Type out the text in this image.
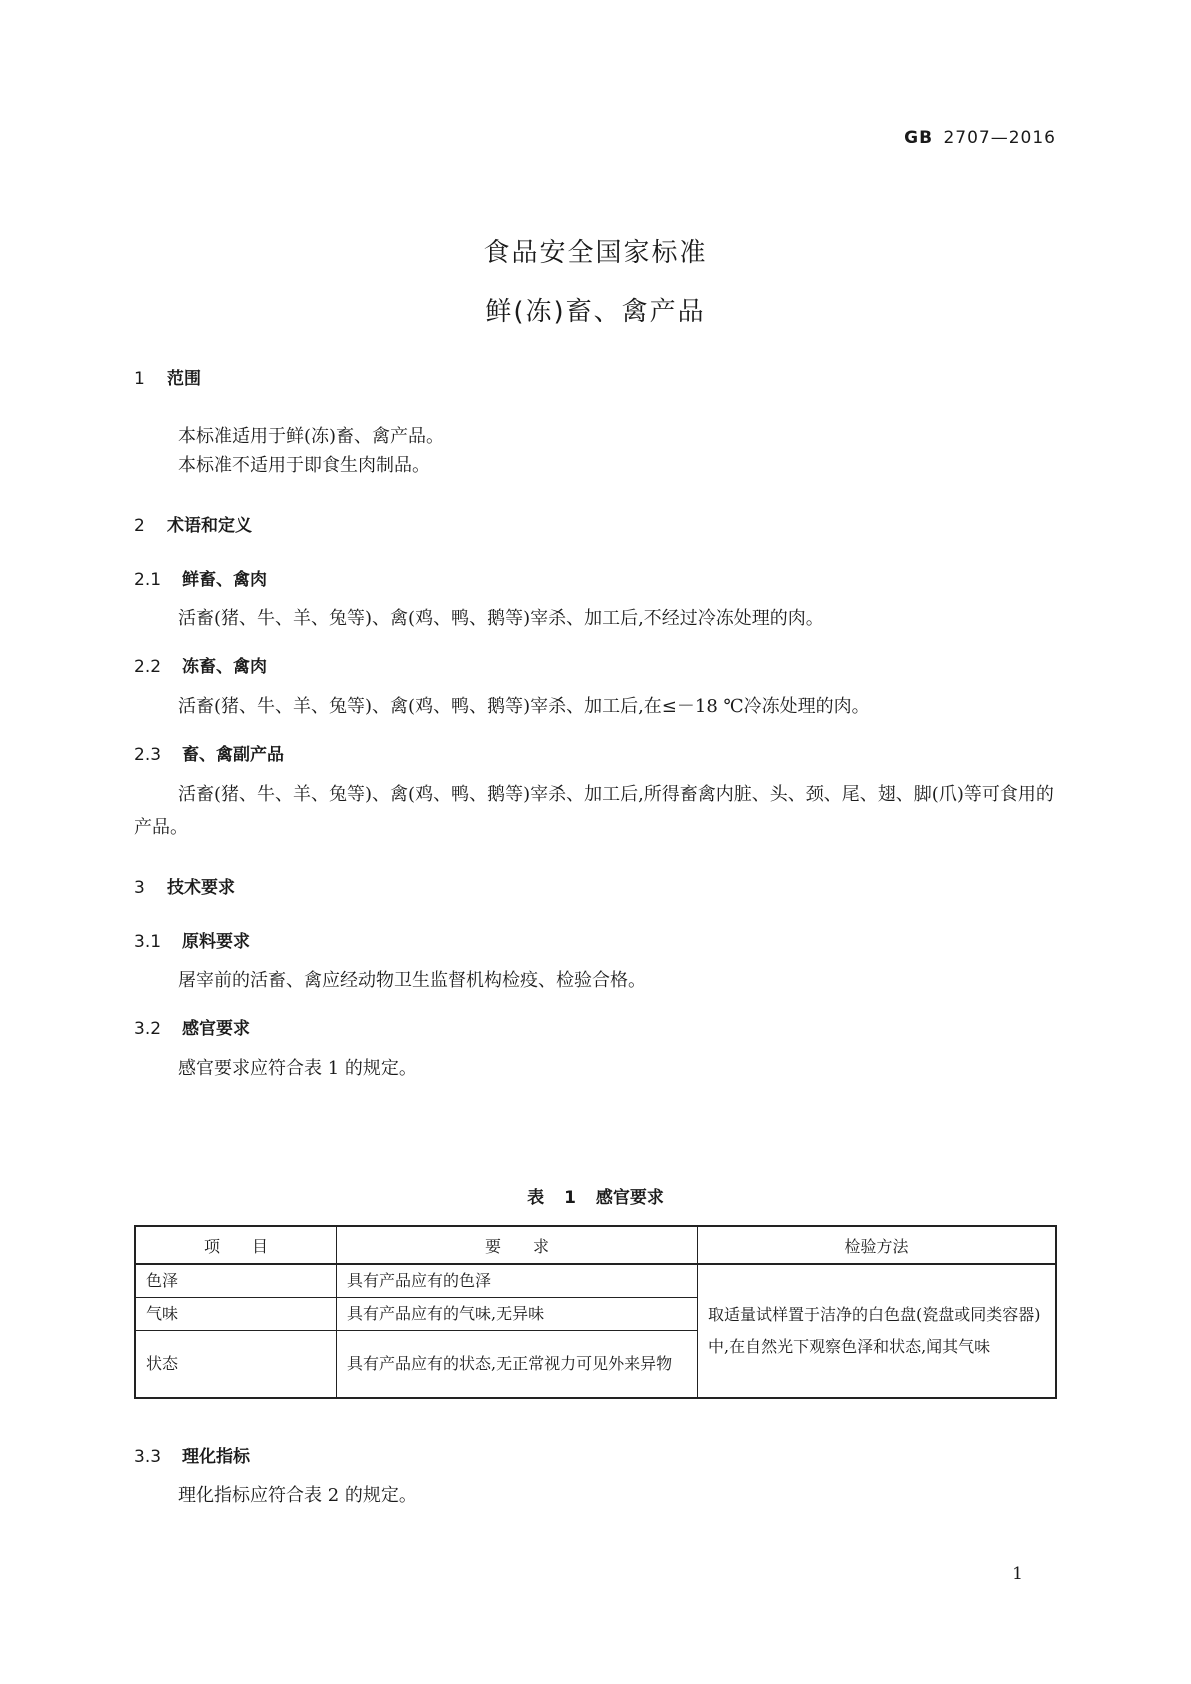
GB 2707—2016
食品安全国家标准
鲜(冻)畜、禽产品
1 范围
本标准适用于鲜(冻)畜、禽产品。
本标准不适用于即食生肉制品。
2 术语和定义
2.1 鲜畜、禽肉
活畜(猪、牛、羊、兔等)、禽(鸡、鸭、鹅等)宰杀、加工后,不经过冷冻处理的肉。
2.2 冻畜、禽肉
活畜(猪、牛、羊、兔等)、禽(鸡、鸭、鹅等)宰杀、加工后,在≤－18 ℃冷冻处理的肉。
2.3 畜、禽副产品
活畜(猪、牛、羊、兔等)、禽(鸡、鸭、鹅等)宰杀、加工后,所得畜禽内脏、头、颈、尾、翅、脚(爪)等可食用的产品。
3 技术要求
3.1 原料要求
屠宰前的活畜、禽应经动物卫生监督机构检疫、检验合格。
3.2 感官要求
感官要求应符合表 1 的规定。
表 1 感官要求
项　　目	要　　求	检验方法
色泽	具有产品应有的色泽	取适量试样置于洁净的白色盘(瓷盘或同类容器)中,在自然光下观察色泽和状态,闻其气味
气味	具有产品应有的气味,无异味	
状态	具有产品应有的状态,无正常视力可见外来异物	
3.3 理化指标
理化指标应符合表 2 的规定。
1
